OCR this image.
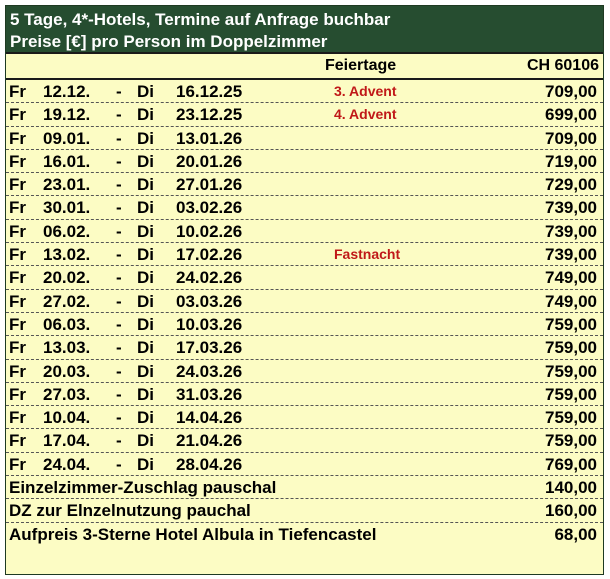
5 Tage, 4*-Hotels, Termine auf Anfrage buchbar
Preise [€] pro Person im Doppelzimmer
Feiertage	CH 60106
Fr 12.12. - Di 16.12.25	3. Advent	709,00
Fr 19.12. - Di 23.12.25	4. Advent	699,00
Fr 09.01. - Di 13.01.26	709,00
Fr 16.01. - Di 20.01.26	719,00
Fr 23.01. - Di 27.01.26	729,00
Fr 30.01. - Di 03.02.26	739,00
Fr 06.02. - Di 10.02.26	739,00
Fr 13.02. - Di 17.02.26	Fastnacht	739,00
Fr 20.02. - Di 24.02.26	749,00
Fr 27.02. - Di 03.03.26	749,00
Fr 06.03. - Di 10.03.26	759,00
Fr 13.03. - Di 17.03.26	759,00
Fr 20.03. - Di 24.03.26	759,00
Fr 27.03. - Di 31.03.26	759,00
Fr 10.04. - Di 14.04.26	759,00
Fr 17.04. - Di 21.04.26	759,00
Fr 24.04. - Di 28.04.26	769,00
Einzelzimmer-Zuschlag pauschal	140,00
DZ zur Elnzelnutzung pauchal	160,00
Aufpreis 3-Sterne Hotel Albula in Tiefencastel	68,00
